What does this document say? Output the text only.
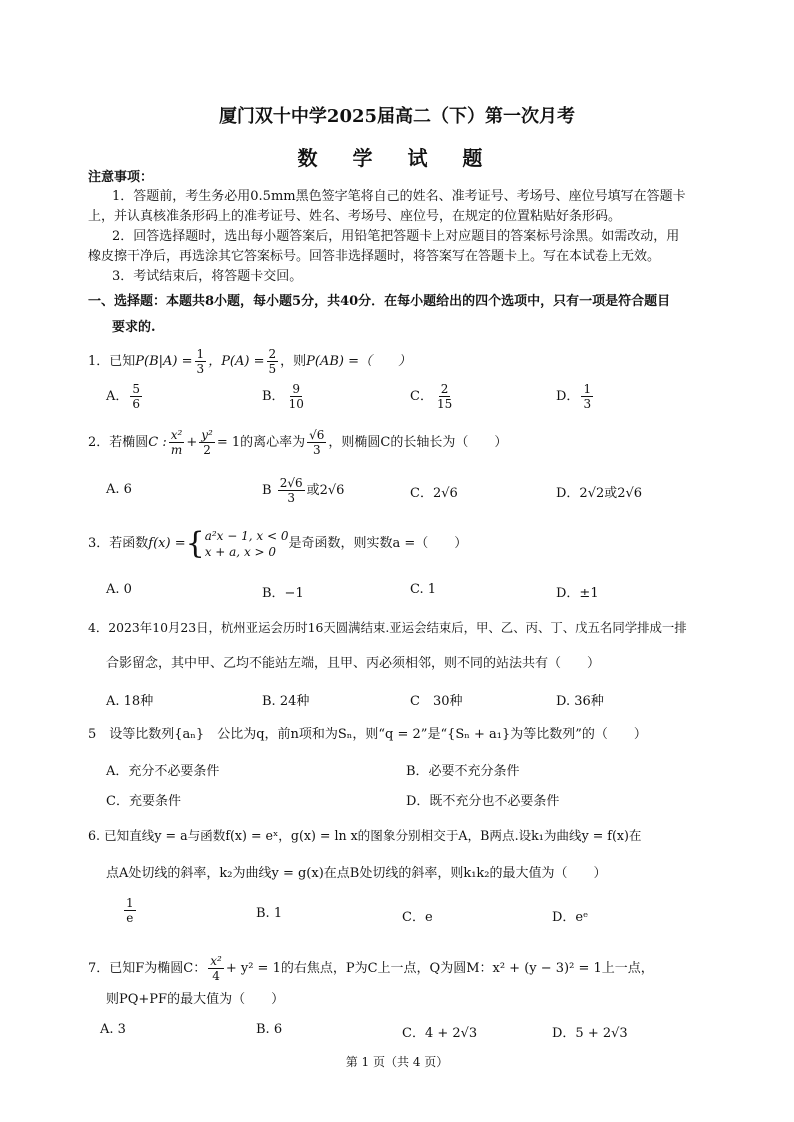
厦门双十中学2025届高二（下）第一次月考
数 学 试 题
注意事项：
1．答题前，考生务必用0.5mm黑色签字笔将自己的姓名、准考证号、考场号、座位号填写在答题卡
上，并认真核准条形码上的准考证号、姓名、考场号、座位号，在规定的位置粘贴好条形码。
2．回答选择题时，选出每小题答案后，用铅笔把答题卡上对应题目的答案标号涂黑。如需改动，用
橡皮擦干净后，再选涂其它答案标号。回答非选择题时，将答案写在答题卡上。写在本试卷上无效。
3．考试结束后，将答题卡交回。
一、选择题：本题共8小题，每小题5分，共40分．在每小题给出的四个选项中，只有一项是符合题目
要求的.
1．已知$P(B|A) = \frac{1}{3}$ ，$P(A) = \frac{2}{5}$ ，则P(AB) =（　　）
A． $\frac{5}{6}$	B． $\frac{9}{10}$	C． $\frac{2}{15}$	D． $\frac{1}{3}$
2．若椭圆C : $\frac{\text{x²}}{m} + \frac{\text{y²}}{2} = 1$的离心率为 $\frac{√6}{3}$ ，则椭圆C的长轴长为（　　）
A. 6	B $\frac{2√6}{3}$ 或2√6	C．2√6	D．2√2或2√6
3．若函数f(x) ={a²x − 1, x < 0
x + a, x > 0是奇函数，则实数a =（　　）
A. 0	B．−1	C. 1	D．±1
4．2023年10月23日，杭州亚运会历时16天圆满结束.亚运会结束后，甲、乙、丙、丁、戊五名同学排成一排
合影留念，其中甲、乙均不能站左端，且甲、丙必须相邻，则不同的站法共有（　　）
A. 18种	B. 24种	C　30种	D. 36种
5　设等比数列{aₙ}　公比为q，前n项和为Sₙ，则“q = 2”是“{Sₙ + a₁}为等比数列”的（　　）
A．充分不必要条件	B．必要不充分条件
C．充要条件	D．既不充分也不必要条件
6. 已知直线y = a与函数f(x) = eˣ，g(x) = ln x的图象分别相交于A，B两点.设k₁为曲线y = f(x)在
点A处切线的斜率，k₂为曲线y = g(x)在点B处切线的斜率，则k₁k₂的最大值为（　　）
$\frac{1}{e}$	B. 1	C．e	D．eᵉ
7．已知F为椭圆C： $\frac{\text{x²}}{4} + y^2 = 1$的右焦点，P为C上一点，Q为圆M：x² + (y − 3)² = 1上一点，
则PQ+PF的最大值为（　　）
A. 3	B. 6	C．4 + 2√3	D．5 + 2√3
第 1 页（共 4 页）
